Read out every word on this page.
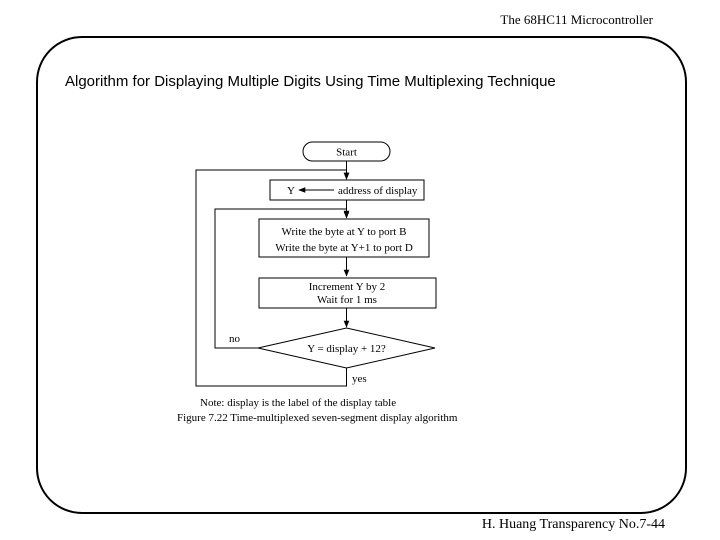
The 68HC11 Microcontroller
Algorithm for Displaying Multiple Digits Using Time Multiplexing Technique
Start
Y	address of display
Write the byte at Y to port B
Write the byte at Y+1 to port D
Increment Y by 2
Wait for 1 ms
Y = display + 12?
no
yes
Note: display is the label of the display table
Figure 7.22 Time-multiplexed seven-segment display algorithm
H. Huang Transparency No.7-44
